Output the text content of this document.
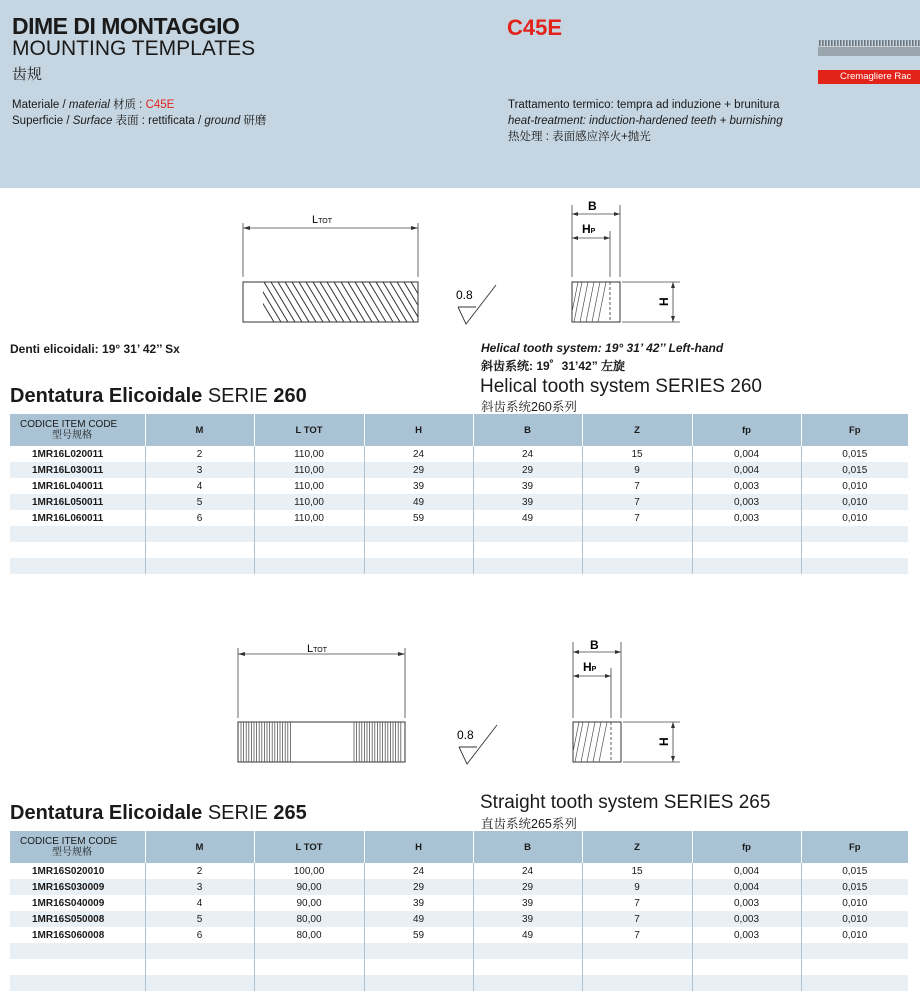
DIME DI MONTAGGIO
MOUNTING TEMPLATES
齿规
C45E
Cremagliere Rac
Materiale / material 材质 : C45E
Superficie / Surface 表面 : rettificata / ground 研磨
Trattamento termico: tempra ad induzione + brunitura
heat-treatment: induction-hardened teeth + burnishing
热处理 : 表面感应淬火+抛光
LTOT
0.8
B
HP
H
Denti elicoidali: 19° 31’ 42’’ Sx	Helical tooth system: 19° 31’ 42’’ Left-hand
斜齿系统: 19゜31’42” 左旋
Dentatura Elicoidale SERIE 260	Helical tooth system SERIES 260
斜齿系统260系列
CODICE ITEM CODE
型号规格	M	L TOT	H	B	Z	fp	Fp
1MR16L020011	2	110,00	24	24	15	0,004	0,015
1MR16L030011	3	110,00	29	29	9	0,004	0,015
1MR16L040011	4	110,00	39	39	7	0,003	0,010
1MR16L050011	5	110,00	49	39	7	0,003	0,010
1MR16L060011	6	110,00	59	49	7	0,003	0,010

LTOT
0.8
B
HP
H
Dentatura Elicoidale SERIE 265	Straight tooth system SERIES 265
直齿系统265系列
CODICE ITEM CODE
型号规格	M	L TOT	H	B	Z	fp	Fp
1MR16S020010	2	100,00	24	24	15	0,004	0,015
1MR16S030009	3	90,00	29	29	9	0,004	0,015
1MR16S040009	4	90,00	39	39	7	0,003	0,010
1MR16S050008	5	80,00	49	39	7	0,003	0,010
1MR16S060008	6	80,00	59	49	7	0,003	0,010
